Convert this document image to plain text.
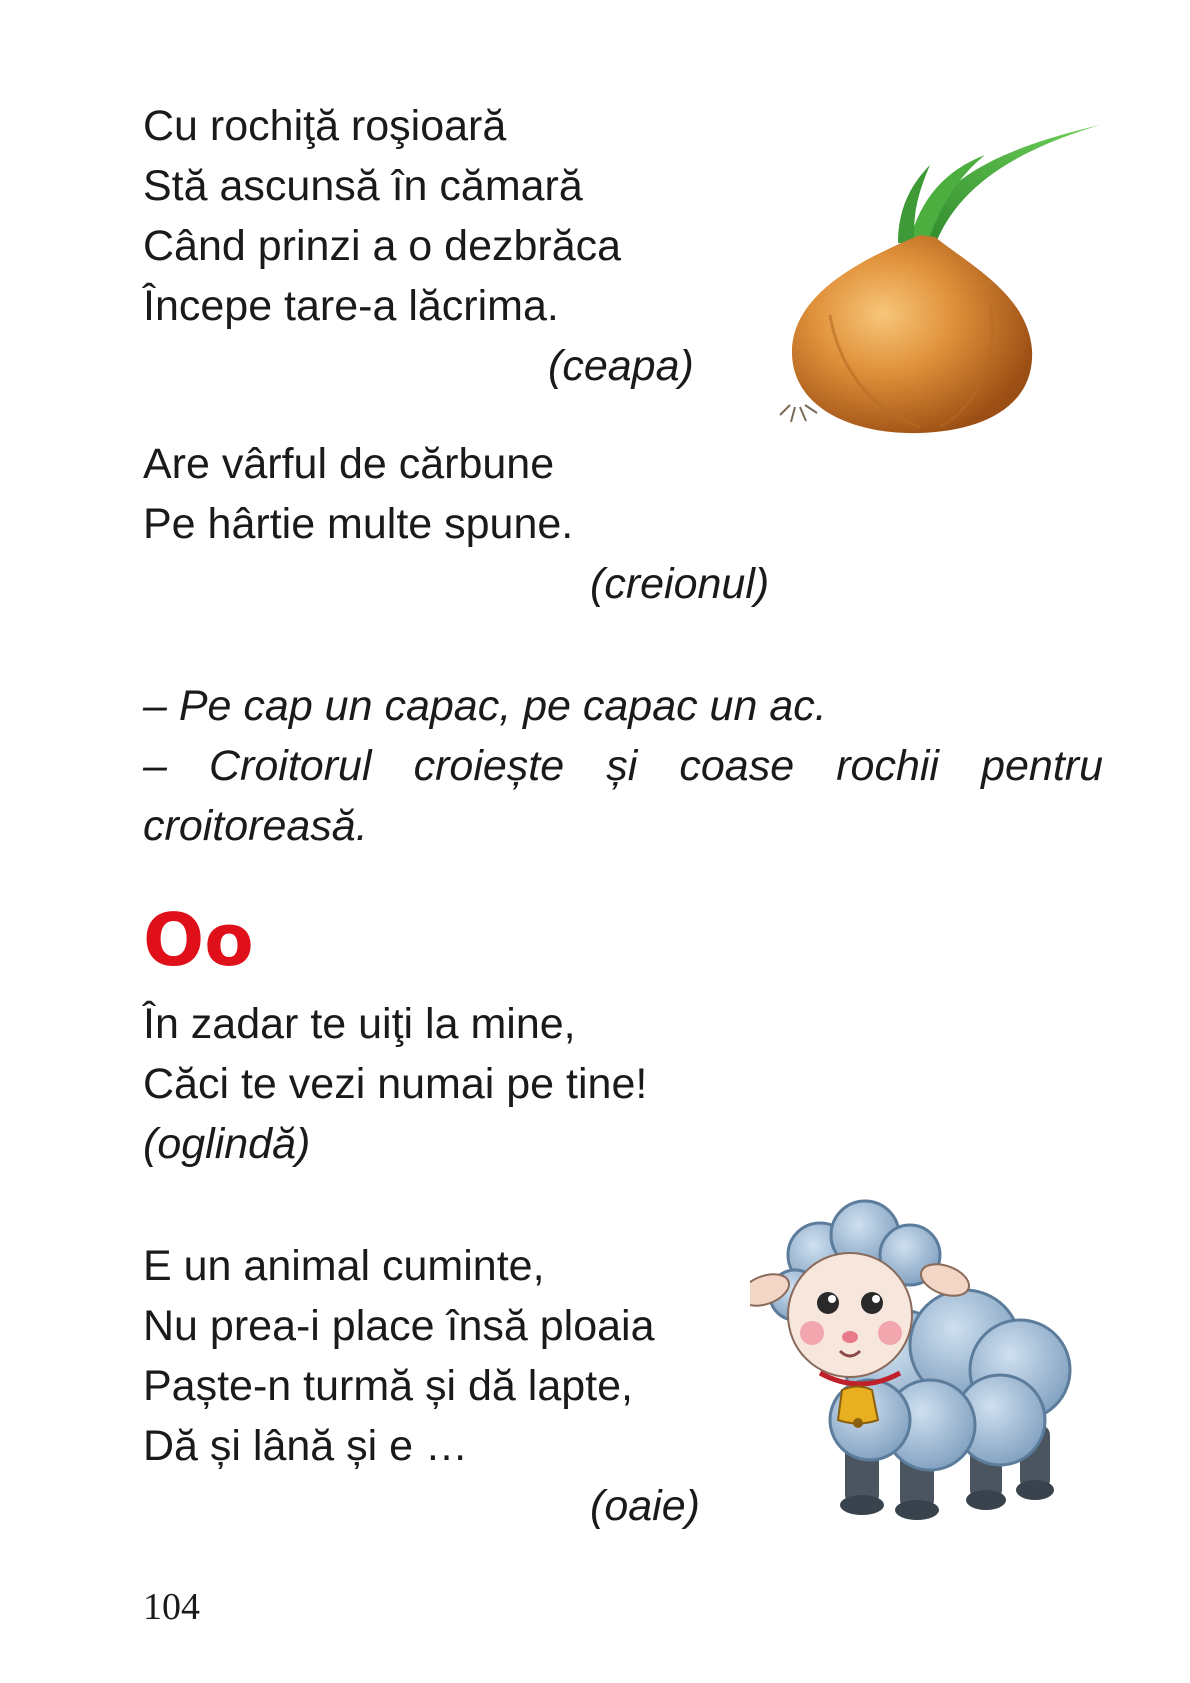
Cu rochiţă roşioară
Stă ascunsă în cămară
Când prinzi a o dezbrăca
Începe tare-a lăcrima.
(ceapa)
Are vârful de cărbune
Pe hârtie multe spune.
(creionul)
– Pe cap un capac, pe capac un ac.
– Croitorul croiește și coase rochii pentru croitoreasă.
Oo
În zadar te uiţi la mine,
Căci te vezi numai pe tine!
(oglindă)
E un animal cuminte,
Nu prea-i place însă ploaia
Paște-n turmă și dă lapte,
Dă și lână și e …
(oaie)
104
